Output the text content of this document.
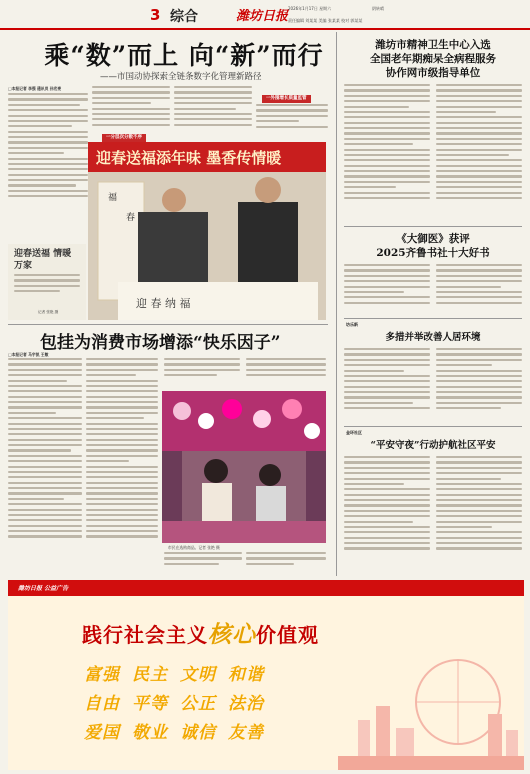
3 综合	潍坊日报
2026年1月17日 星期六
责任编辑 刘某某 美编 张某某 校对 郭某某
阴转晴
乘“数”而上 向“新”而行
——市国动协探索全链条数字化管理新路径
□本报记者 李强 通讯员 孙宏亮
一分层次分散不序
一外围增长质量监管
迎春送福添年味 墨香传情暖
福
春
迎 春 纳 福
迎春送福 情暖万家
记者 张艳 摄
包挂为消费市场增添“快乐因子”
□本报记者 马宇凯 王敏
市民在选购商品。记者 张艳 摄
潍坊市精神卫生中心入选
全国老年期痴呆全病程服务
协作网市级指导单位
《大御医》获评
2025齐鲁书社十大好书
坊乐新
多措并举改善人居环境
金环社区
“平安守夜”行动护航社区平安
潍坊日报 公益广告
践行社会主义核心价值观
富强 民主 文明 和谐
自由 平等 公正 法治
爱国 敬业 诚信 友善
